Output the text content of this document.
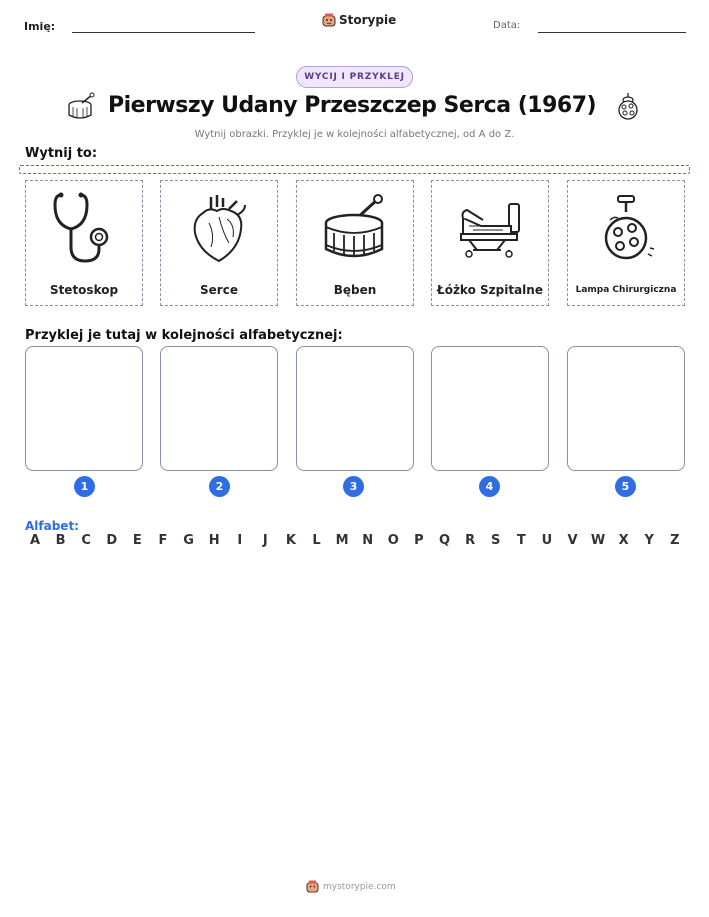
Imię:	Storypie	Data:
WYCIJ I PRZYKLEJ
Pierwszy Udany Przeszczep Serca (1967)
Wytnij obrazki. Przyklej je w kolejności alfabetycznej, od A do Z.
Wytnij to:
Stetoskop	Serce	Bęben	Łóżko Szpitalne	Lampa Chirurgiczna
Przyklej je tutaj w kolejności alfabetycznej:
1	2	3	4	5
Alfabet:
A	B	C	D	E	F	G	H	I	J	K	L	M	N	O	P	Q	R	S	T	U	V	W	X	Y	Z
mystorypie.com
